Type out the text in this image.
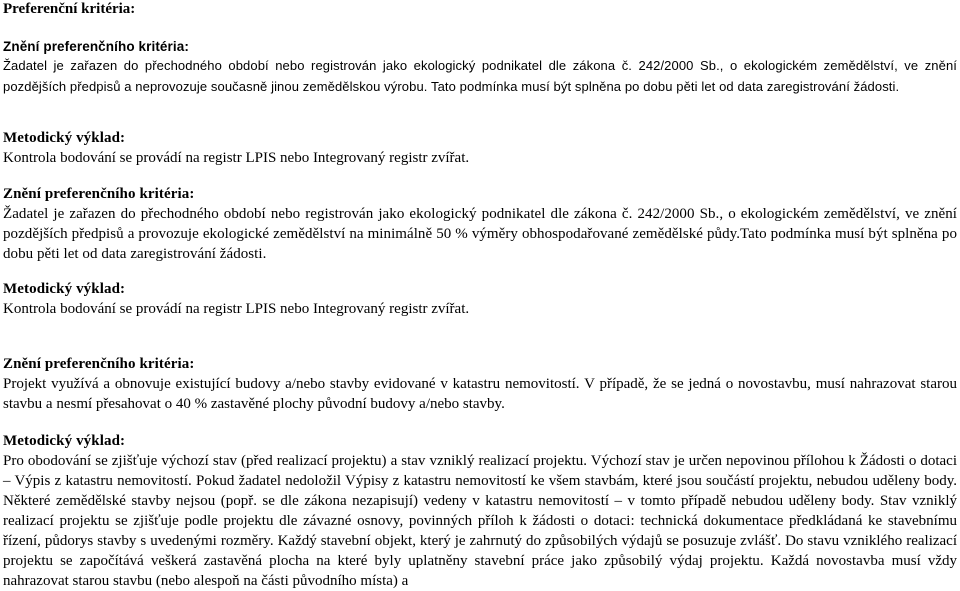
Preferenční kritéria:
Znění preferenčního kritéria:
Žadatel je zařazen do přechodného období nebo registrován jako ekologický podnikatel dle zákona č. 242/2000 Sb., o ekologickém zemědělství, ve znění pozdějších předpisů a neprovozuje současně jinou zemědělskou výrobu. Tato podmínka musí být splněna po dobu pěti let od data zaregistrování žádosti.
Metodický výklad:
Kontrola bodování se provádí na registr LPIS nebo Integrovaný registr zvířat.
Znění preferenčního kritéria:
Žadatel je zařazen do přechodného období nebo registrován jako ekologický podnikatel dle zákona č. 242/2000 Sb., o ekologickém zemědělství, ve znění pozdějších předpisů a provozuje ekologické zemědělství na minimálně 50 % výměry obhospodařované zemědělské půdy.Tato podmínka musí být splněna po dobu pěti let od data zaregistrování žádosti.
Metodický výklad:
Kontrola bodování se provádí na registr LPIS nebo Integrovaný registr zvířat.
Znění preferenčního kritéria:
Projekt využívá a obnovuje existující budovy a/nebo stavby evidované v katastru nemovitostí. V případě, že se jedná o novostavbu, musí nahrazovat starou stavbu a nesmí přesahovat o 40 % zastavěné plochy původní budovy a/nebo stavby.
Metodický výklad:
Pro obodování se zjišťuje výchozí stav (před realizací projektu) a stav vzniklý realizací projektu. Výchozí stav je určen nepovinou přílohou k Žádosti o dotaci – Výpis z katastru nemovitostí. Pokud žadatel nedoložil Výpisy z katastru nemovitostí ke všem stavbám, které jsou součástí projektu, nebudou uděleny body. Některé zemědělské stavby nejsou (popř. se dle zákona nezapisují) vedeny v katastru nemovitostí – v tomto případě nebudou uděleny body. Stav vzniklý realizací projektu se zjišťuje podle projektu dle závazné osnovy, povinných příloh k žádosti o dotaci: technická dokumentace předkládaná ke stavebnímu řízení, půdorys stavby s uvedenými rozměry. Každý stavební objekt, který je zahrnutý do způsobilých výdajů se posuzuje zvlášť. Do stavu vzniklého realizací projektu se započítává veškerá zastavěná plocha na které byly uplatněny stavební práce jako způsobilý výdaj projektu. Každá novostavba musí vždy nahrazovat starou stavbu (nebo alespoň na části původního místa) a
